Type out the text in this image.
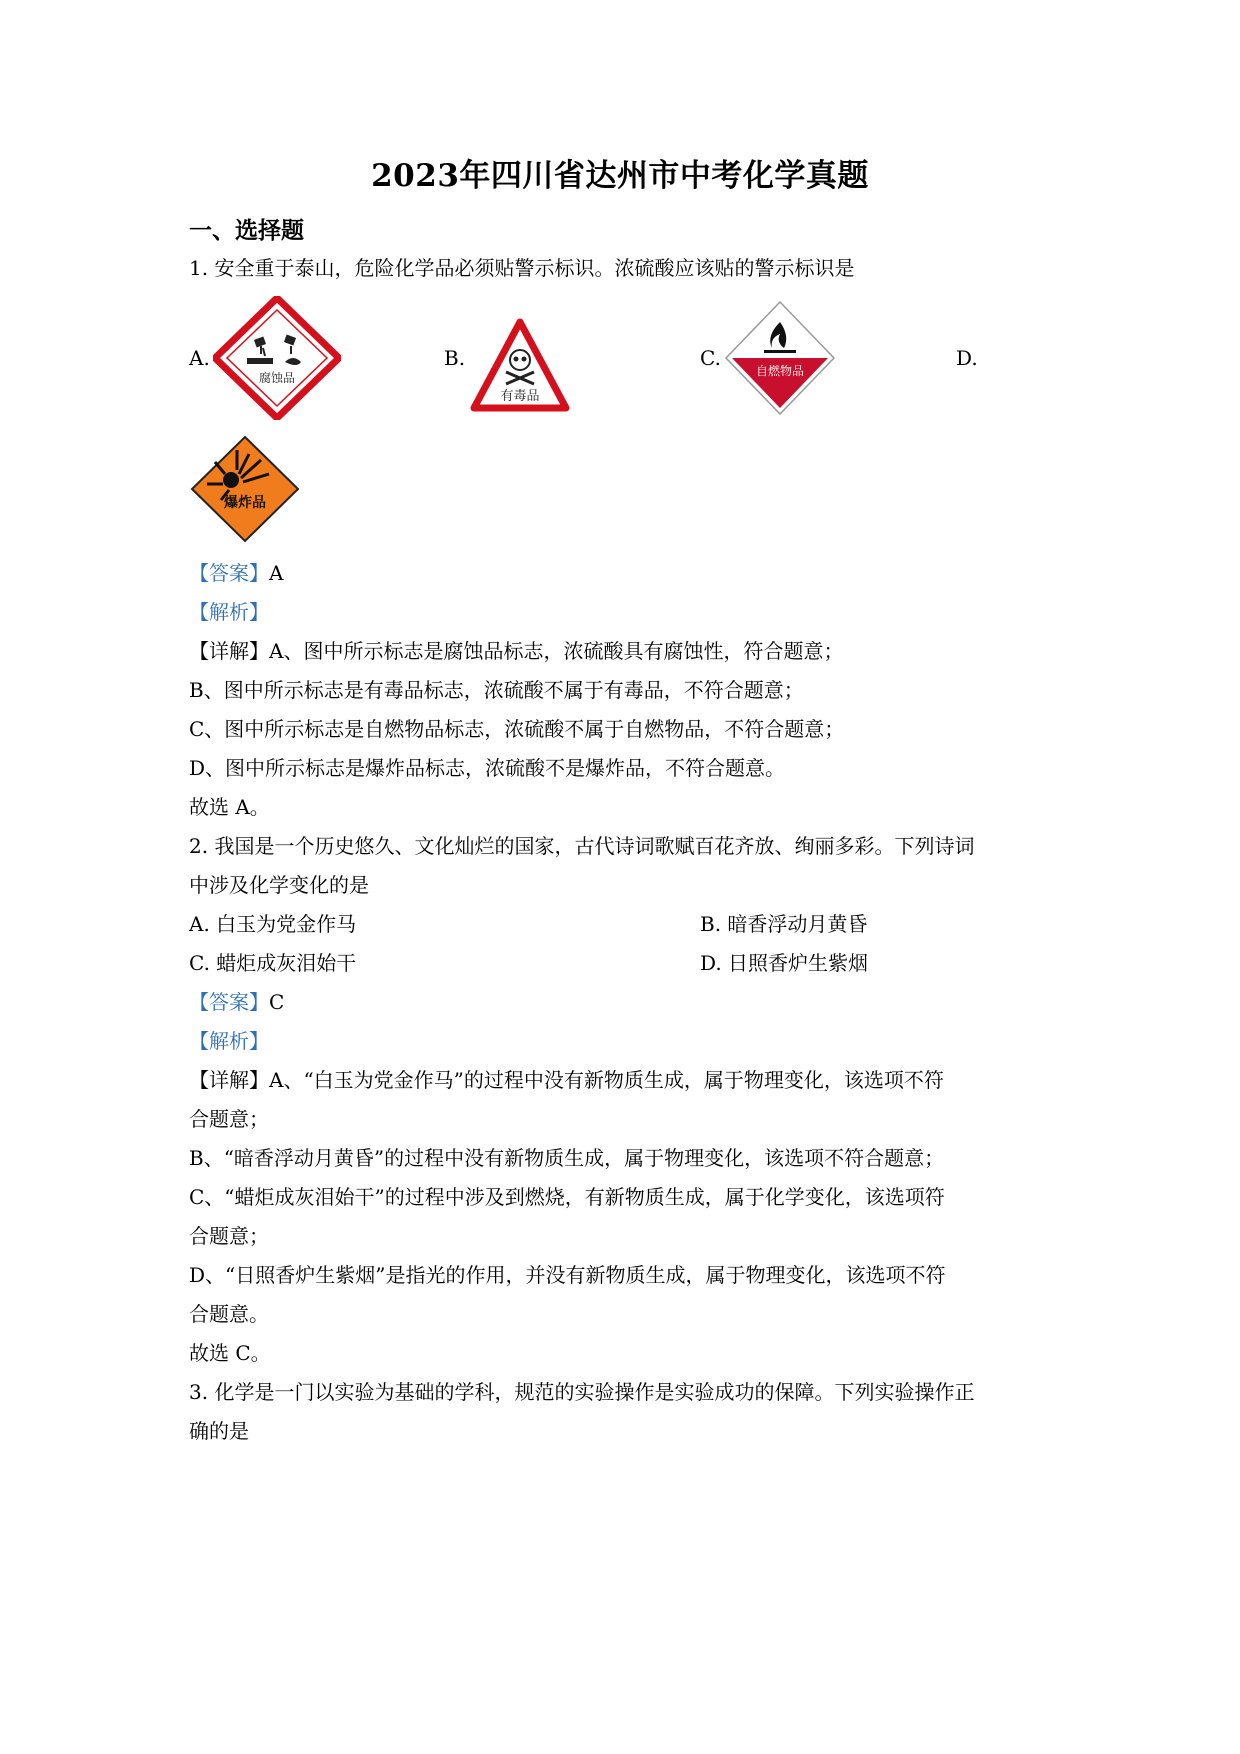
2023年四川省达州市中考化学真题
一、选择题
1. 安全重于泰山，危险化学品必须贴警示标识。浓硫酸应该贴的警示标识是
A.	B.	C.	D.
腐蚀品
有毒品
自燃物品
爆炸品
【答案】A
【解析】
【详解】A、图中所示标志是腐蚀品标志，浓硫酸具有腐蚀性，符合题意；
B、图中所示标志是有毒品标志，浓硫酸不属于有毒品，不符合题意；
C、图中所示标志是自燃物品标志，浓硫酸不属于自燃物品，不符合题意；
D、图中所示标志是爆炸品标志，浓硫酸不是爆炸品，不符合题意。
故选 A。
2. 我国是一个历史悠久、文化灿烂的国家，古代诗词歌赋百花齐放、绚丽多彩。下列诗词
中涉及化学变化的是
A. 白玉为党金作马	B. 暗香浮动月黄昏
C. 蜡炬成灰泪始干	D. 日照香炉生紫烟
【答案】C
【解析】
【详解】A、“白玉为党金作马”的过程中没有新物质生成，属于物理变化，该选项不符
合题意；
B、“暗香浮动月黄昏”的过程中没有新物质生成，属于物理变化，该选项不符合题意；
C、“蜡炬成灰泪始干”的过程中涉及到燃烧，有新物质生成，属于化学变化，该选项符
合题意；
D、“日照香炉生紫烟”是指光的作用，并没有新物质生成，属于物理变化，该选项不符
合题意。
故选 C。
3. 化学是一门以实验为基础的学科，规范的实验操作是实验成功的保障。下列实验操作正
确的是
